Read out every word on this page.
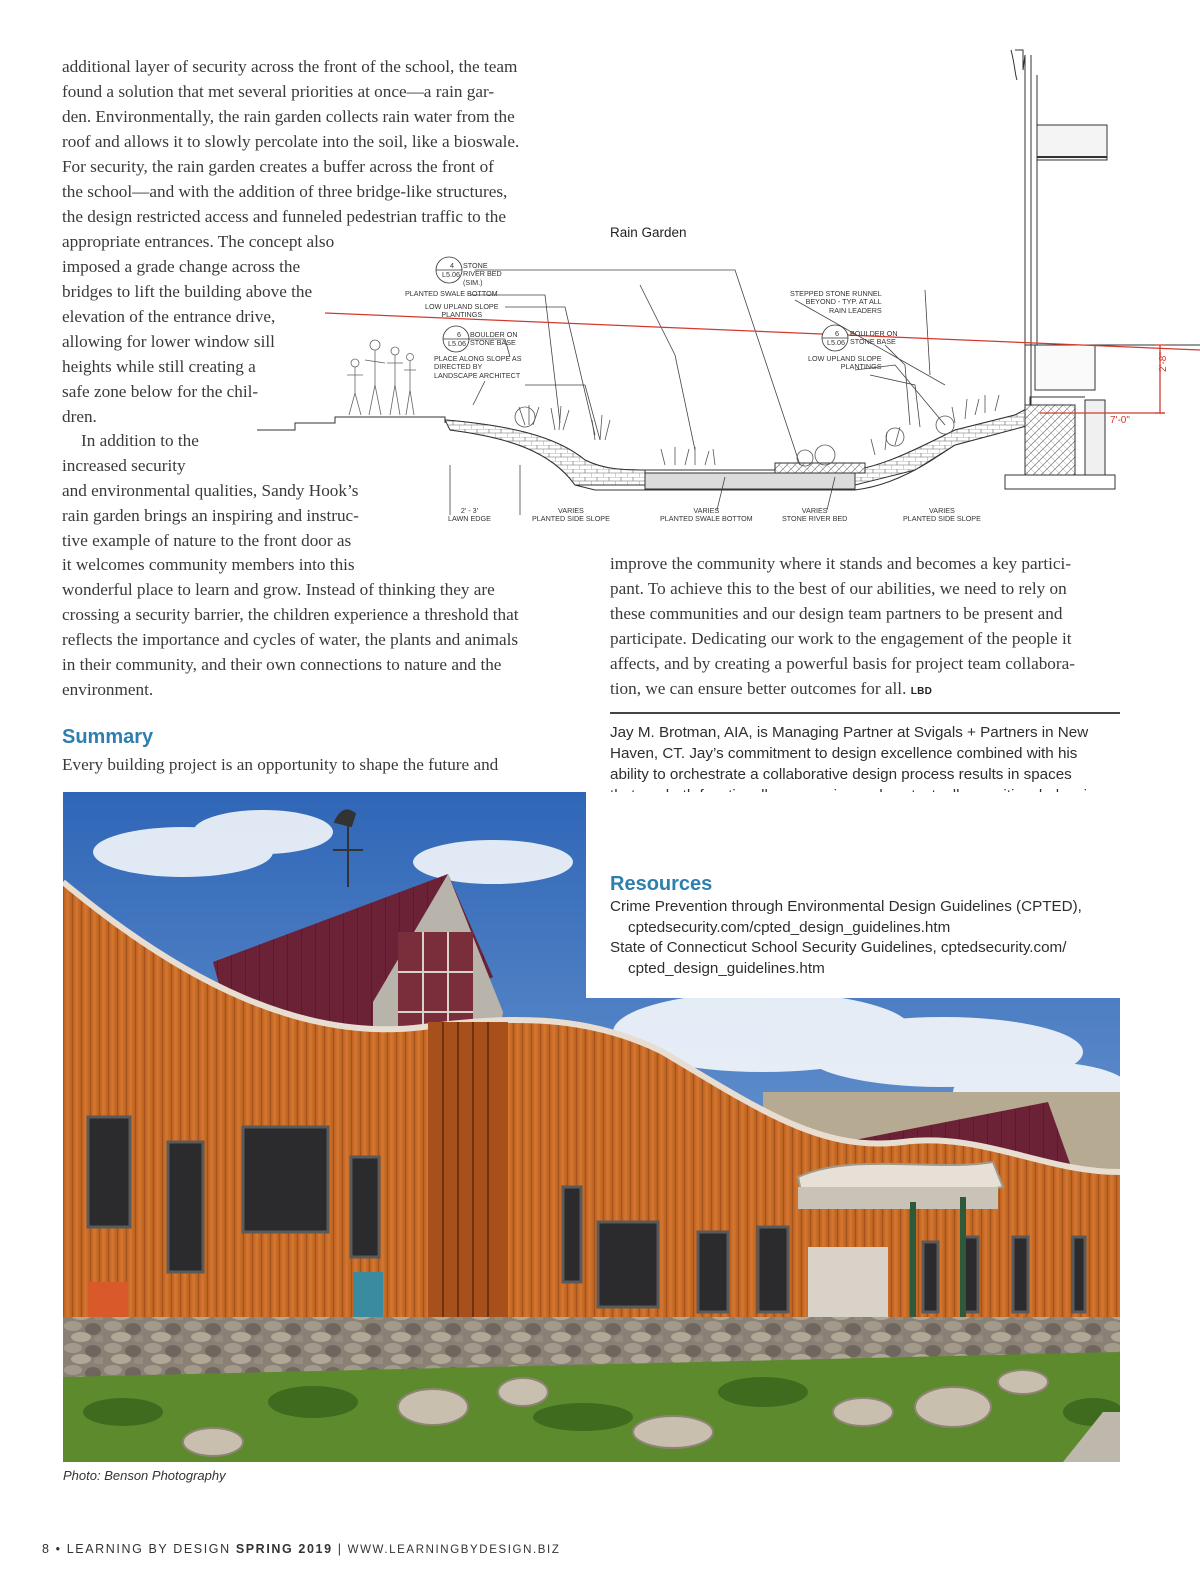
additional layer of security across the front of the school, the team
found a solution that met several priorities at once—a rain gar-
den. Environmentally, the rain garden collects rain water from the
roof and allows it to slowly percolate into the soil, like a bioswale.
For security, the rain garden creates a buffer across the front of
the school—and with the addition of three bridge-like structures,
the design restricted access and funneled pedestrian traffic to the
appropriate entrances. The concept also
imposed a grade change across the
bridges to lift the building above the
elevation of the entrance drive,
allowing for lower window sill
heights while still creating a
safe zone below for the chil-
dren.
In addition to the
increased security
and environmental qualities, Sandy Hook’s
rain garden brings an inspiring and instruc-
tive example of nature to the front door as
it welcomes community members into this
wonderful place to learn and grow. Instead of thinking they are
crossing a security barrier, the children experience a threshold that
reflects the importance and cycles of water, the plants and animals
in their community, and their own connections to nature and the
environment.
Summary
Every building project is an opportunity to shape the future and
improve the community where it stands and becomes a key partici-
pant. To achieve this to the best of our abilities, we need to rely on
these communities and our design team partners to be present and
participate. Dedicating our work to the engagement of the people it
affects, and by creating a powerful basis for project team collabora-
tion, we can ensure better outcomes for all. LBD
Jay M. Brotman, AIA, is Managing Partner at Svigals + Partners in New
Haven, CT. Jay’s commitment to design excellence combined with his
ability to orchestrate a collaborative design process results in spaces
Resources
Crime Prevention through Environmental Design Guidelines (CPTED),
cptedsecurity.com/cpted_design_guidelines.htm
State of Connecticut School Security Guidelines, cptedsecurity.com/
cpted_design_guidelines.htm
Rain Garden
4
L5.06
STONE
RIVER BED
(SIM.)
PLANTED SWALE BOTTOM
LOW UPLAND SLOPE
PLANTINGS
6
L5.06
BOULDER ON
STONE BASE
PLACE ALONG SLOPE AS
DIRECTED BY
LANDSCAPE ARCHITECT
STEPPED STONE RUNNEL
BEYOND - TYP. AT ALL
RAIN LEADERS
6
L5.06
BOULDER ON
STONE BASE
LOW UPLAND SLOPE
PLANTINGS	2'-8"
7'-0"
2' - 3'
LAWN EDGE
VARIES
PLANTED SIDE SLOPE
VARIES
PLANTED SWALE BOTTOM
VARIES
STONE RIVER BED
VARIES
PLANTED SIDE SLOPE
Photo: Benson Photography
8 • LEARNING BY DESIGN SPRING 2019 | WWW.LEARNINGBYDESIGN.BIZ
